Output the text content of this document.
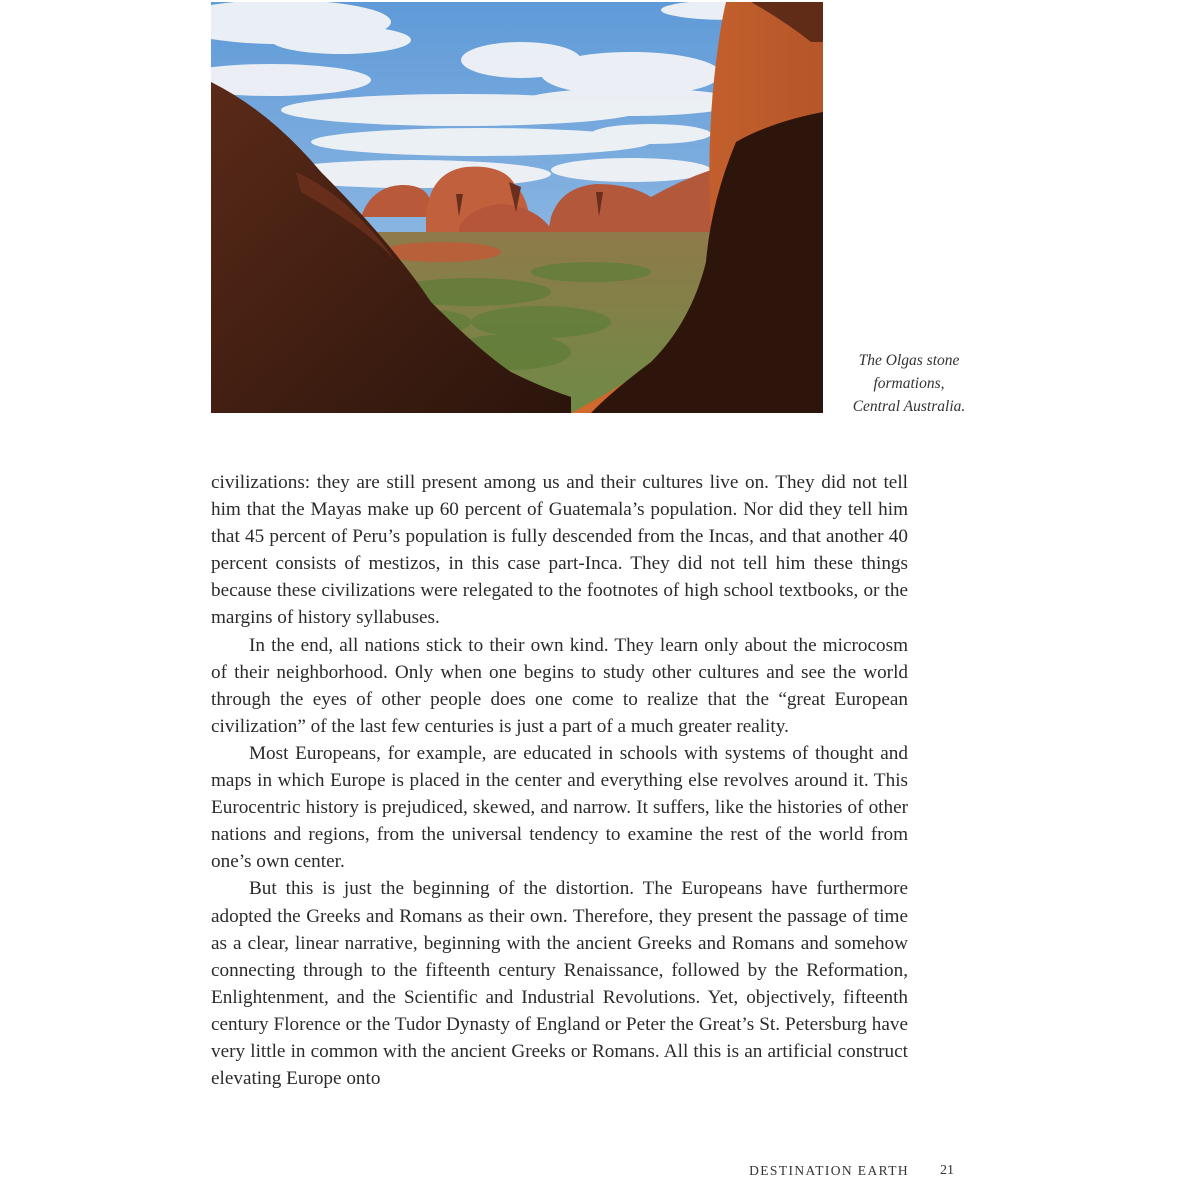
The Olgas stone
formations,
Central Australia.

civilizations: they are still present among us and their cultures live on. They did not tell him that the Mayas make up 60 percent of Guatemala’s population. Nor did they tell him that 45 percent of Peru’s population is fully descended from the Incas, and that another 40 percent consists of mestizos, in this case part-Inca. They did not tell him these things because these civilizations were relegated to the footnotes of high school textbooks, or the margins of history syllabuses.

In the end, all nations stick to their own kind. They learn only about the microcosm of their neighborhood. Only when one begins to study other cultures and see the world through the eyes of other people does one come to realize that the “great European civilization” of the last few centuries is just a part of a much greater reality.

Most Europeans, for example, are educated in schools with systems of thought and maps in which Europe is placed in the center and everything else revolves around it. This Eurocentric history is prejudiced, skewed, and narrow. It suffers, like the histories of other nations and regions, from the universal tendency to examine the rest of the world from one’s own center.

But this is just the beginning of the distortion. The Europeans have furthermore adopted the Greeks and Romans as their own. Therefore, they present the passage of time as a clear, linear narrative, beginning with the ancient Greeks and Romans and somehow connecting through to the fifteenth century Renaissance, followed by the Reformation, Enlightenment, and the Scientific and Industrial Revolutions. Yet, objectively, fifteenth century Florence or the Tudor Dynasty of England or Peter the Great’s St. Petersburg have very little in common with the ancient Greeks or Romans. All this is an artificial construct elevating Europe onto

DESTINATION EARTH 21
